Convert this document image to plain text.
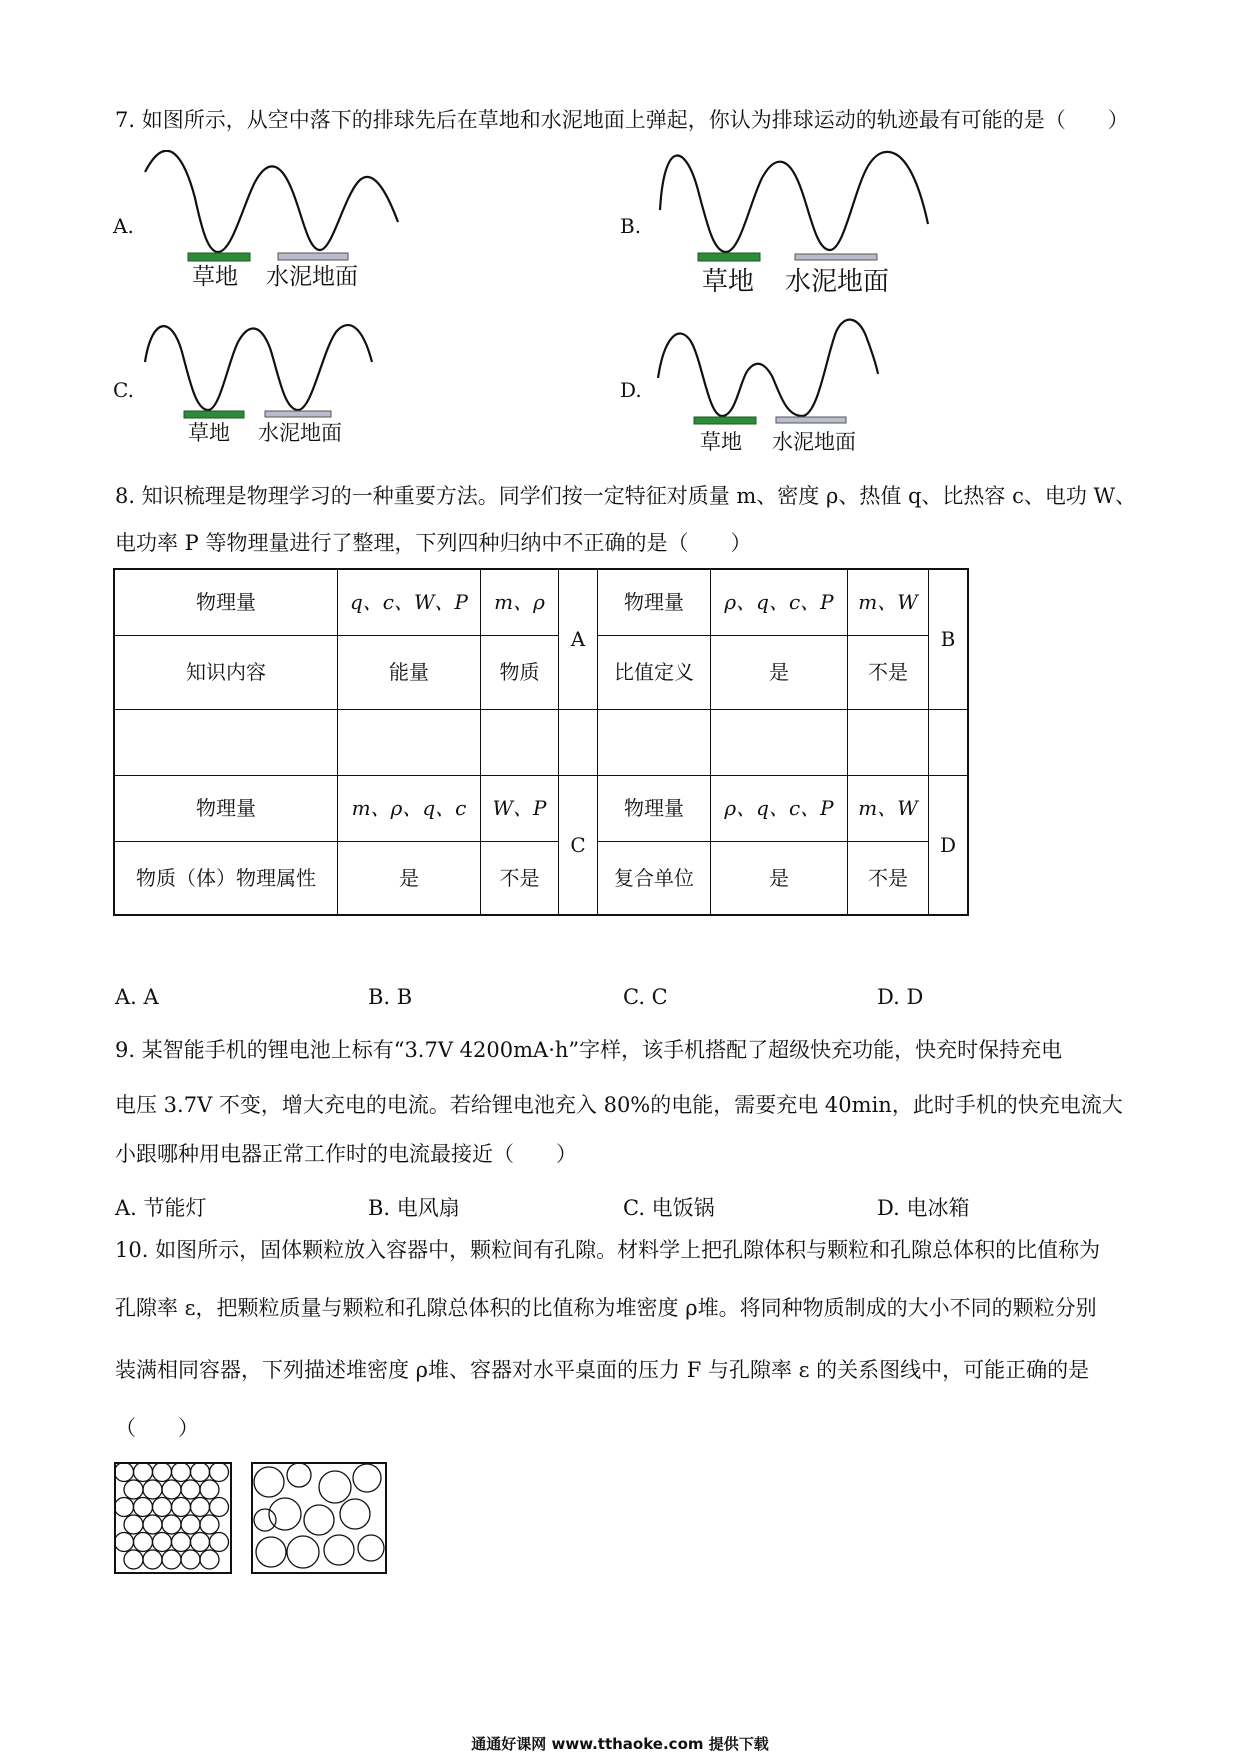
7. 如图所示，从空中落下的排球先后在草地和水泥地面上弹起，你认为排球运动的轨迹最有可能的是（　　）
A.
草地 水泥地面
B.
草地 水泥地面
C.
草地 水泥地面
D.
草地 水泥地面
8. 知识梳理是物理学习的一种重要方法。同学们按一定特征对质量 m、密度 ρ、热值 q、比热容 c、电功 W、
电功率 P 等物理量进行了整理，下列四种归纳中不正确的是（　　）
物理量	q、c、W、P	m、ρ	A	物理量	ρ、q、c、P	m、W	B
知识内容	能量	物质		比值定义	是	不是	

物理量	m、ρ、q、c	W、P	C	物理量	ρ、q、c、P	m、W	D
物质（体）物理属性	是	不是		复合单位	是	不是	
A. A	B. B	C. C	D. D
9. 某智能手机的锂电池上标有“3.7V 4200mA·h”字样，该手机搭配了超级快充功能，快充时保持充电
电压 3.7V 不变，增大充电的电流。若给锂电池充入 80%的电能，需要充电 40min，此时手机的快充电流大
小跟哪种用电器正常工作时的电流最接近（　　）
A. 节能灯	B. 电风扇	C. 电饭锅	D. 电冰箱
10. 如图所示，固体颗粒放入容器中，颗粒间有孔隙。材料学上把孔隙体积与颗粒和孔隙总体积的比值称为
孔隙率 ε，把颗粒质量与颗粒和孔隙总体积的比值称为堆密度 ρ堆。将同种物质制成的大小不同的颗粒分别
装满相同容器，下列描述堆密度 ρ堆、容器对水平桌面的压力 F 与孔隙率 ε 的关系图线中，可能正确的是
（　　）
通通好课网 www.tthaoke.com 提供下载
